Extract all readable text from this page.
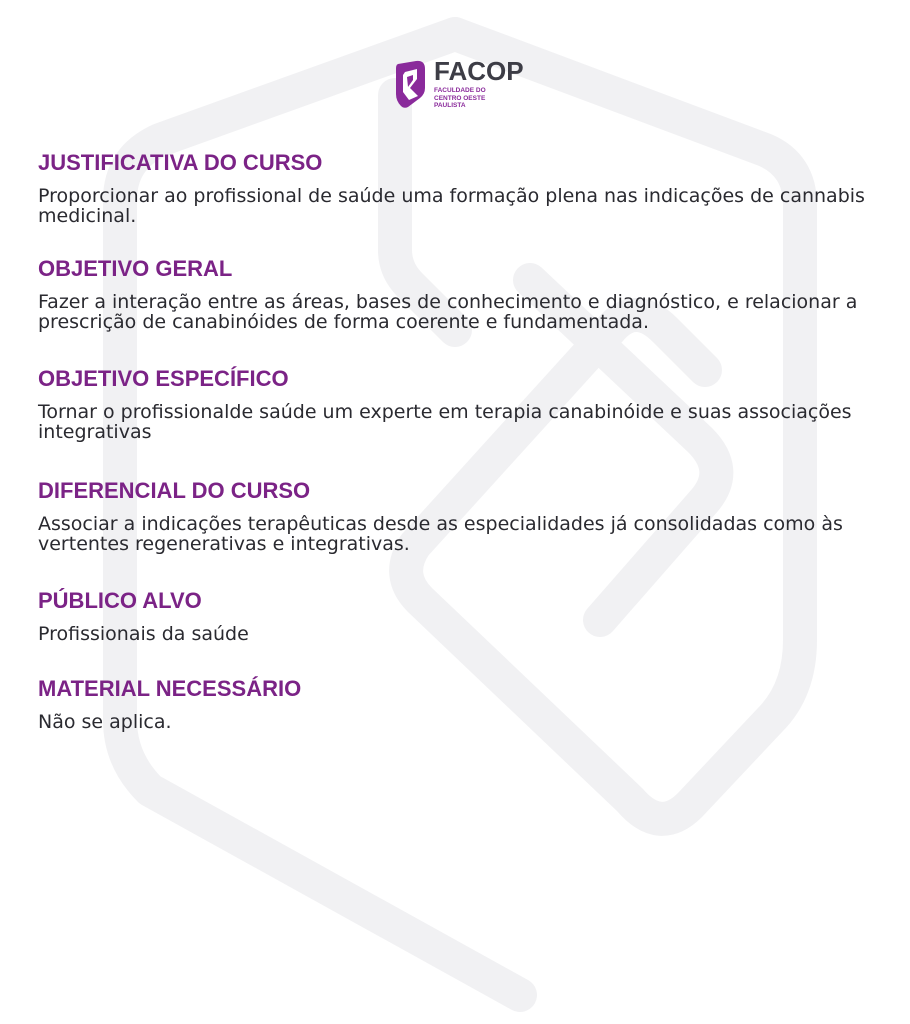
FACOP
FACULDADE DO CENTRO OESTE PAULISTA
JUSTIFICATIVA DO CURSO

Proporcionar ao profissional de saúde uma formação plena nas indicações de cannabis medicinal.

OBJETIVO GERAL

Fazer a interação entre as áreas, bases de conhecimento e diagnóstico, e relacionar a prescrição de canabinóides de forma coerente e fundamentada.

OBJETIVO ESPECÍFICO

Tornar o profissionalde saúde um experte em terapia canabinóide e suas associações integrativas

DIFERENCIAL DO CURSO

Associar a indicações terapêuticas desde as especialidades já consolidadas como às vertentes regenerativas e integrativas.

PÚBLICO ALVO

Profissionais da saúde

MATERIAL NECESSÁRIO

Não se aplica.
